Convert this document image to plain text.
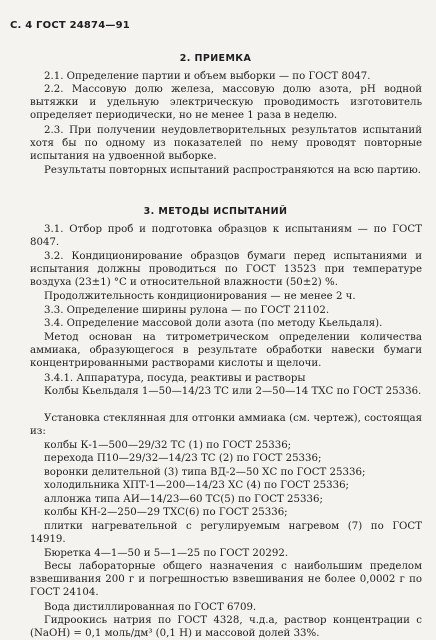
С. 4 ГОСТ 24874—91
2. ПРИЕМКА
2.1. Определение партии и объем выборки — по ГОСТ 8047.
2.2. Массовую долю железа, массовую долю азота, pH водной вытяжки и удельную электрическую проводимость изготовитель определяет периодически, но не менее 1 раза в неделю.
2.3. При получении неудовлетворительных результатов испытаний хотя бы по одному из показателей по нему проводят повторные испытания на удвоенной выборке.
Результаты повторных испытаний распространяются на всю партию.
3. МЕТОДЫ ИСПЫТАНИЙ
3.1. Отбор проб и подготовка образцов к испытаниям — по ГОСТ 8047.
3.2. Кондиционирование образцов бумаги перед испытаниями и испытания должны проводиться по ГОСТ 13523 при температуре воздуха (23±1) °С и относительной влажности (50±2) %.
Продолжительность кондиционирования — не менее 2 ч.
3.3. Определение ширины рулона — по ГОСТ 21102.
3.4. Определение массовой доли азота (по методу Кьельдаля).
Метод основан на титрометрическом определении количества аммиака, образующегося в результате обработки навески бумаги концентрированными растворами кислоты и щелочи.
3.4.1. Аппаратура, посуда, реактивы и растворы
Колбы Кьельдаля 1—50—14/23 ТС или 2—50—14 ТХС по ГОСТ 25336.
Установка стеклянная для отгонки аммиака (см. чертеж), состоящая из:
колбы К-1—500—29/32 ТС (1) по ГОСТ 25336;
перехода П10—29/32—14/23 ТС (2) по ГОСТ 25336;
воронки делительной (3) типа ВД-2—50 ХС по ГОСТ 25336;
холодильника ХПТ-1—200—14/23 ХС (4) по ГОСТ 25336;
аллонжа типа АИ—14/23—60 ТС(5) по ГОСТ 25336;
колбы КН-2—250—29 ТХС(6) по ГОСТ 25336;
плитки нагревательной с регулируемым нагревом (7) по ГОСТ 14919.
Бюретка 4—1—50 и 5—1—25 по ГОСТ 20292.
Весы лабораторные общего назначения с наибольшим пределом взвешивания 200 г и погрешностью взвешивания не более 0,0002 г по ГОСТ 24104.
Вода дистиллированная по ГОСТ 6709.
Гидроокись натрия по ГОСТ 4328, ч.д.а, раствор концентрации c (NaOH) = 0,1 моль/дм³ (0,1 Н) и массовой долей 33%.
